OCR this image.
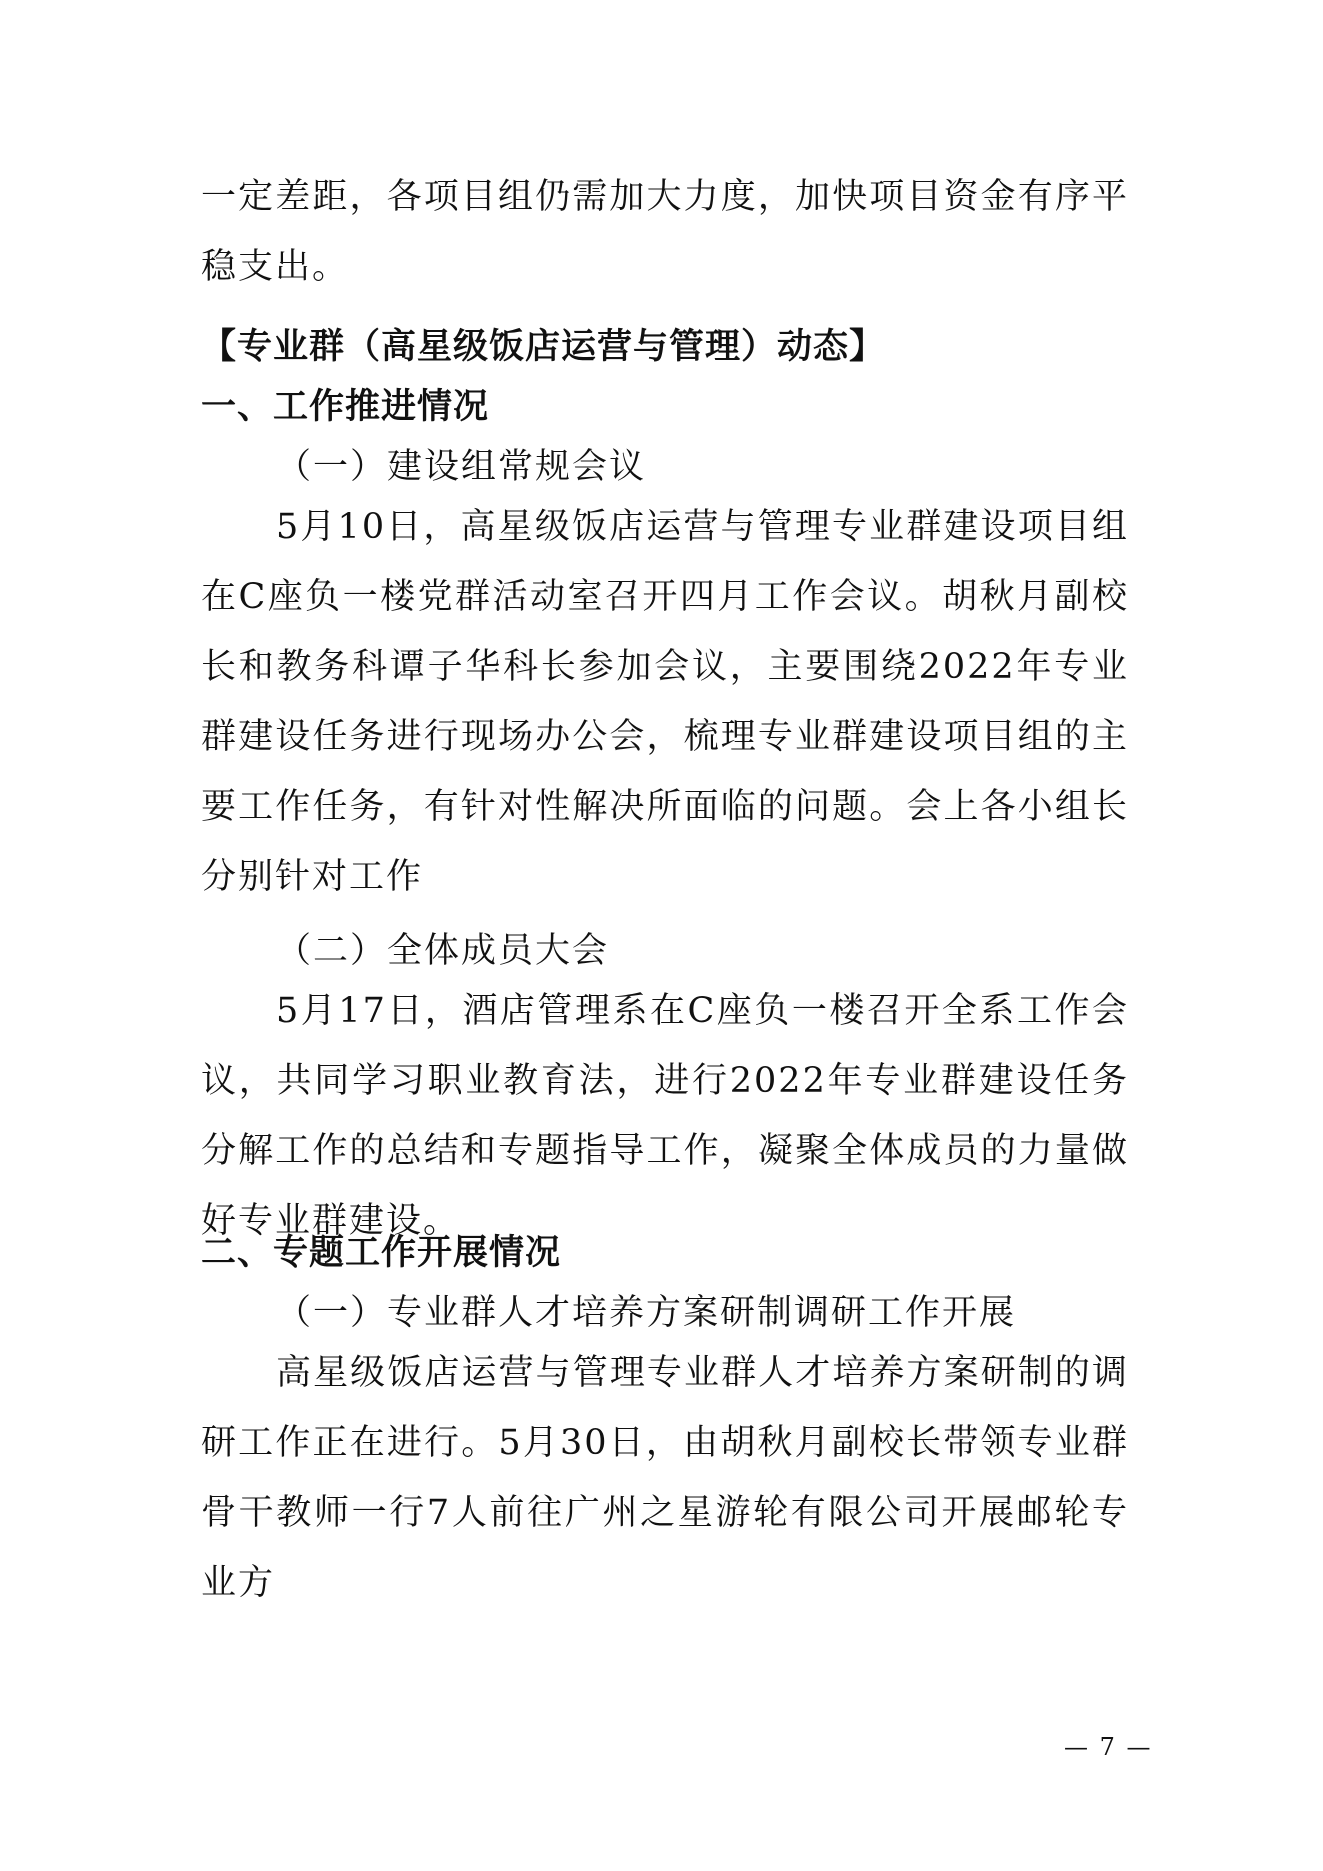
一定差距，各项目组仍需加大力度，加快项目资金有序平稳支出。

【专业群（高星级饭店运营与管理）动态】

一、工作推进情况

（一）建设组常规会议

5月10日，高星级饭店运营与管理专业群建设项目组在C座负一楼党群活动室召开四月工作会议。胡秋月副校长和教务科谭子华科长参加会议，主要围绕2022年专业群建设任务进行现场办公会，梳理专业群建设项目组的主要工作任务，有针对性解决所面临的问题。会上各小组长分别针对工作

（二）全体成员大会

5月17日，酒店管理系在C座负一楼召开全系工作会议，共同学习职业教育法，进行2022年专业群建设任务分解工作的总结和专题指导工作，凝聚全体成员的力量做好专业群建设。

二、专题工作开展情况

（一）专业群人才培养方案研制调研工作开展

高星级饭店运营与管理专业群人才培养方案研制的调研工作正在进行。5月30日，由胡秋月副校长带领专业群骨干教师一行7人前往广州之星游轮有限公司开展邮轮专业方

— 7 —
